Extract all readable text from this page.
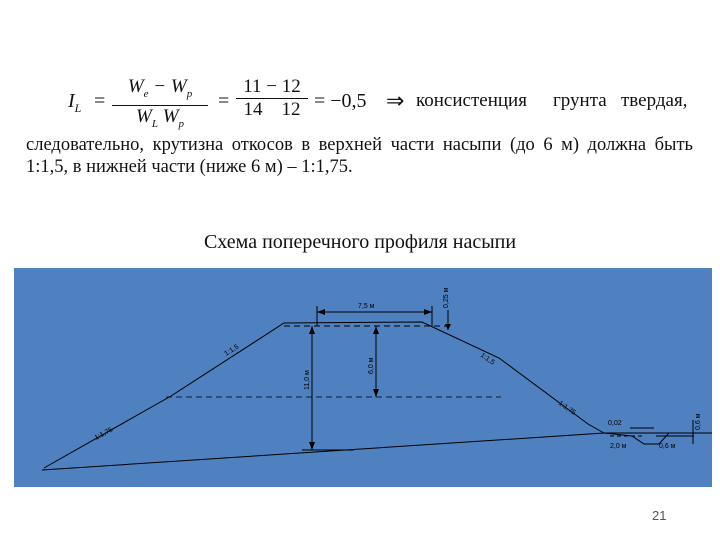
$I_L = \frac{W_e - W_p}{W_L W_p} = \frac{11 - 12}{14 12} = -0,5$ ⇒ консистенция грунта твердая,
следовательно, крутизна откосов в верхней части насыпи (до 6 м) должна быть 1:1,5, в нижней части (ниже 6 м) – 1:1,75.
Схема поперечного профиля насыпи
7,5 м	0,25 м
6,0 м
11,0 м
1:1,5
1:1,5
1:1,75
1:1,75
0,02
2,0 м	0,6 м
0,6 м
21
